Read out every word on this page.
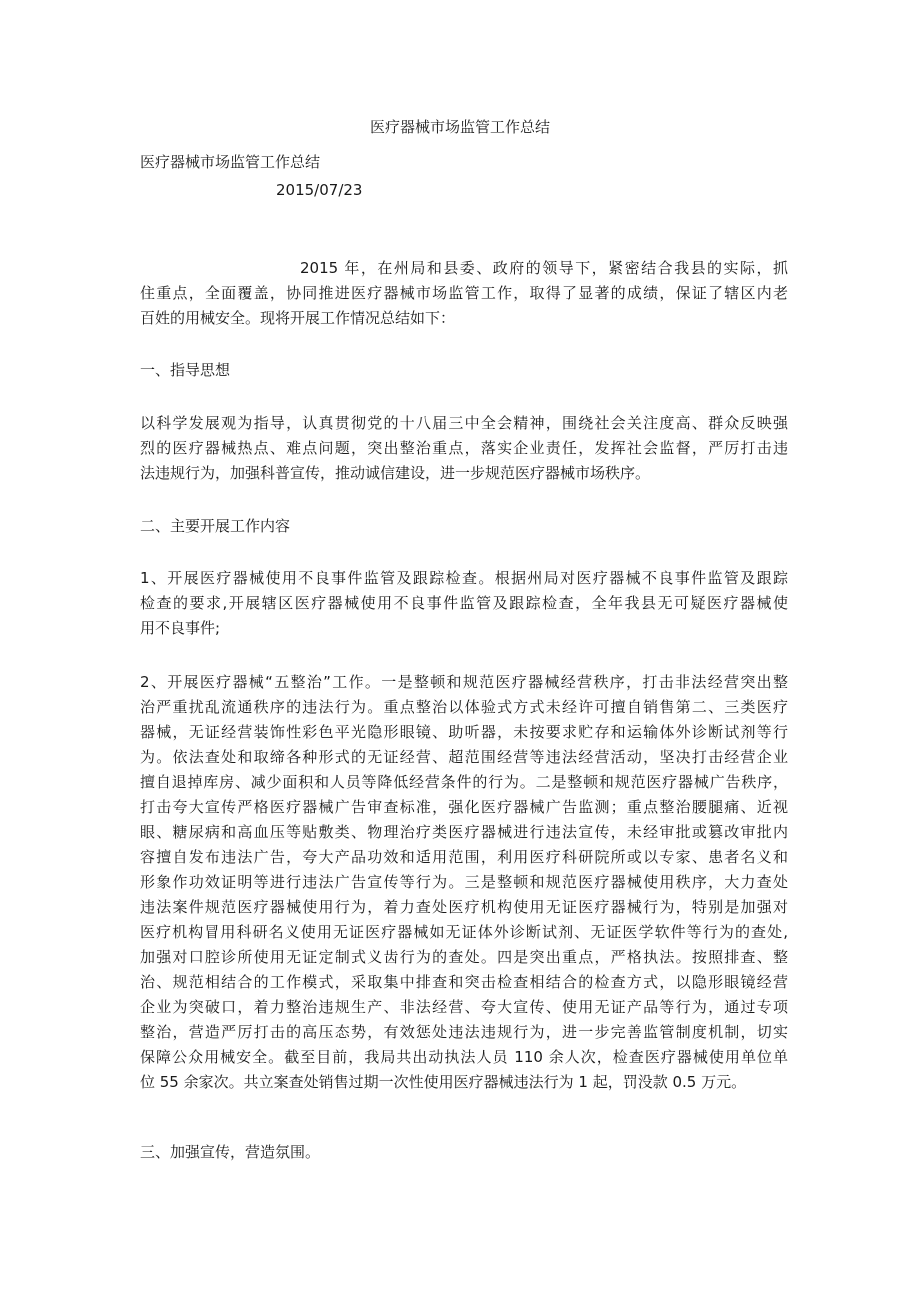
医疗器械市场监管工作总结
医疗器械市场监管工作总结
2015/07/23
2015 年，在州局和县委、政府的领导下，紧密结合我县的实际，抓
住重点，全面覆盖，协同推进医疗器械市场监管工作，取得了显著的成绩，保证了辖区内老
百姓的用械安全。现将开展工作情况总结如下：
一、指导思想
以科学发展观为指导，认真贯彻党的十八届三中全会精神，围绕社会关注度高、群众反映强
烈的医疗器械热点、难点问题，突出整治重点，落实企业责任，发挥社会监督，严厉打击违
法违规行为，加强科普宣传，推动诚信建设，进一步规范医疗器械市场秩序。
二、主要开展工作内容
1、开展医疗器械使用不良事件监管及跟踪检查。根据州局对医疗器械不良事件监管及跟踪
检查的要求,开展辖区医疗器械使用不良事件监管及跟踪检查，全年我县无可疑医疗器械使
用不良事件;
2、开展医疗器械“五整治”工作。一是整顿和规范医疗器械经营秩序，打击非法经营突出整
治严重扰乱流通秩序的违法行为。重点整治以体验式方式未经许可擅自销售第二、三类医疗
器械，无证经营装饰性彩色平光隐形眼镜、助听器，未按要求贮存和运输体外诊断试剂等行
为。依法查处和取缔各种形式的无证经营、超范围经营等违法经营活动，坚决打击经营企业
擅自退掉库房、减少面积和人员等降低经营条件的行为。二是整顿和规范医疗器械广告秩序，
打击夸大宣传严格医疗器械广告审查标准，强化医疗器械广告监测；重点整治腰腿痛、近视
眼、糖尿病和高血压等贴敷类、物理治疗类医疗器械进行违法宣传，未经审批或篡改审批内
容擅自发布违法广告，夸大产品功效和适用范围，利用医疗科研院所或以专家、患者名义和
形象作功效证明等进行违法广告宣传等行为。三是整顿和规范医疗器械使用秩序，大力查处
违法案件规范医疗器械使用行为，着力查处医疗机构使用无证医疗器械行为，特别是加强对
医疗机构冒用科研名义使用无证医疗器械如无证体外诊断试剂、无证医学软件等行为的查处,
加强对口腔诊所使用无证定制式义齿行为的查处。四是突出重点，严格执法。按照排查、整
治、规范相结合的工作模式，采取集中排查和突击检查相结合的检查方式，以隐形眼镜经营
企业为突破口，着力整治违规生产、非法经营、夸大宣传、使用无证产品等行为，通过专项
整治，营造严厉打击的高压态势，有效惩处违法违规行为，进一步完善监管制度机制，切实
保障公众用械安全。截至目前，我局共出动执法人员 110 余人次，检查医疗器械使用单位单
位 55 余家次。共立案查处销售过期一次性使用医疗器械违法行为 1 起，罚没款 0.5 万元。
三、加强宣传，营造氛围。
